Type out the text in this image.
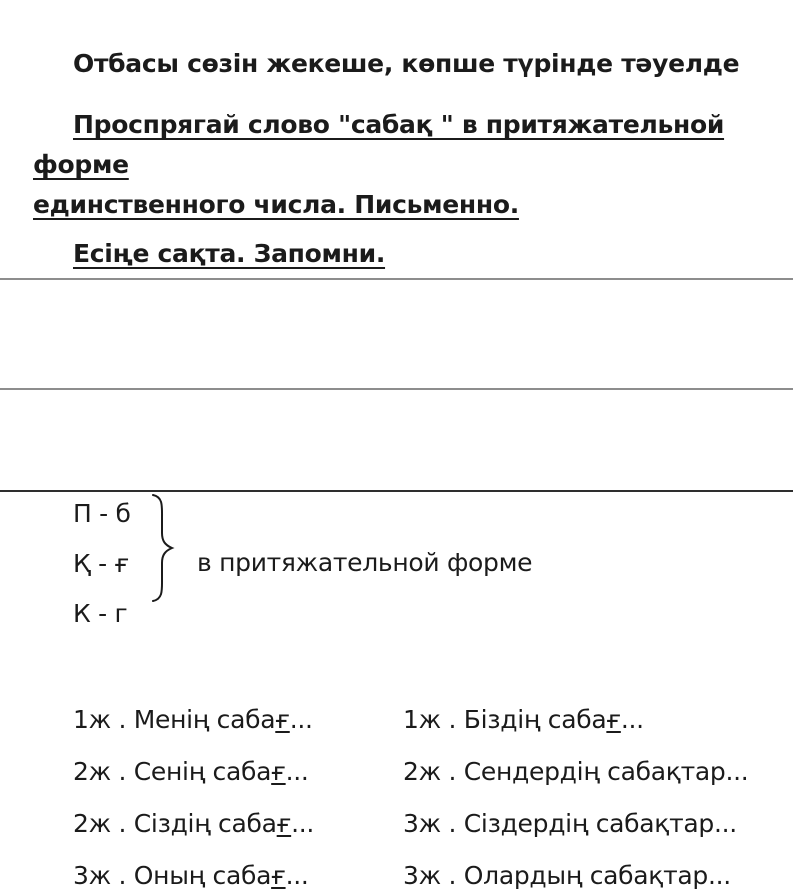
Отбасы сөзін жекеше, көпше түрінде тәуелде

Проспрягай слово "сабақ " в притяжательной форме
единственного числа. Письменно.

Есіңе сақта. Запомни.

П - б

Қ - ғ

К - г

в притяжательной форме

1ж . Менің сабағ...	1ж . Біздің сабағ...

2ж . Сенің сабағ...	2ж . Сендердің сабақтар...

2ж . Сіздің сабағ...	3ж . Сіздердің сабақтар...

3ж . Оның сабағ...	3ж . Олардың сабақтар...
